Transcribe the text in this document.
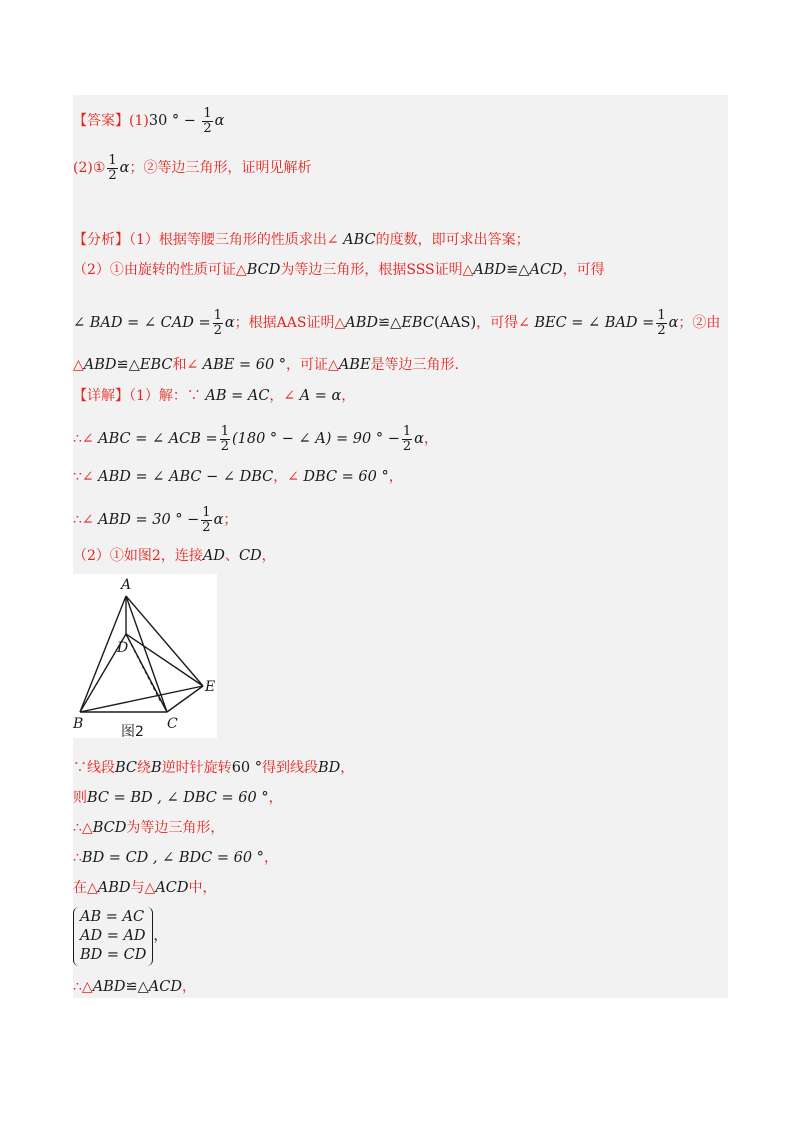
【答案】(1)30 ° − $\frac{1}{2}$ α
(2)① $\frac{1}{2}$ α；②等边三角形，证明见解析
【分析】（1）根据等腰三角形的性质求出∠ ABC的度数，即可求出答案；
（2）①由旋转的性质可证△BCD为等边三角形，根据SSS证明△ABD≌△ACD，可得
∠ BAD = ∠ CAD = $\frac{1}{2}$ α；根据AAS证明△ABD≌△EBC(AAS)，可得∠ BEC = ∠ BAD = $\frac{1}{2}$ α；②由
△ABD≌△EBC和∠ ABE = 60 °，可证△ABE是等边三角形.
【详解】（1）解：∵ AB = AC，∠ A = α，
∴∠ ABC = ∠ ACB = $\frac{1}{2} (180$ ° − ∠ A) = 90 ° − $\frac{1}{2}$ α，
∵∠ ABD = ∠ ABC − ∠ DBC，∠ DBC = 60 °，
∴∠ ABD = 30 ° − $\frac{1}{2}$ α；
（2）①如图2，连接AD、CD，
A
B	C
D
E
图2
∵线段BC绕B逆时针旋转60 °得到线段BD，
则BC = BD , ∠ DBC = 60 °，
∴△BCD为等边三角形，
∴BD = CD , ∠ BDC = 60 °，
在△ABD与△ACD中，
AB = AC
AD = AD
BD = CD
，
∴△ABD≌△ACD，
